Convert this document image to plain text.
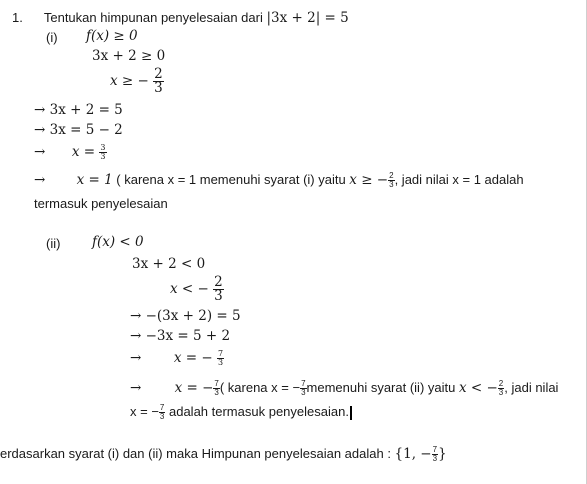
1. Tentukan himpunan penyelesaian dari |3x + 2| = 5
(i) f(x) ≥ 0
3x + 2 ≥ 0
x ≥ − $\frac{2}{3}$
→ 3x + 2 = 5
→ 3x = 5 − 2
→ $x = \frac{3}{3}$
→ x = 1 ( karena x = 1 memenuhi syarat (i) yaitu x ≥ − $\frac{2}{3}$ , jadi nilai x = 1 adalah
termasuk penyelesaian
(ii) f(x) < 0
3x + 2 < 0
x < − $\frac{2}{3}$
→ −(3x + 2) = 5
→ −3x = 5 + 2
→ x = − $\frac{7}{3}$
→ x = − $\frac{7}{3}$ ( karena x = − $\frac{7}{3}$ memenuhi syarat (ii) yaitu x < − $\frac{2}{3}$ , jadi nilai
x = − $\frac{7}{3}$ adalah termasuk penyelesaian.
erdasarkan syarat (i) dan (ii) maka Himpunan penyelesaian adalah : {1, − $\frac{7}{3}$ }
